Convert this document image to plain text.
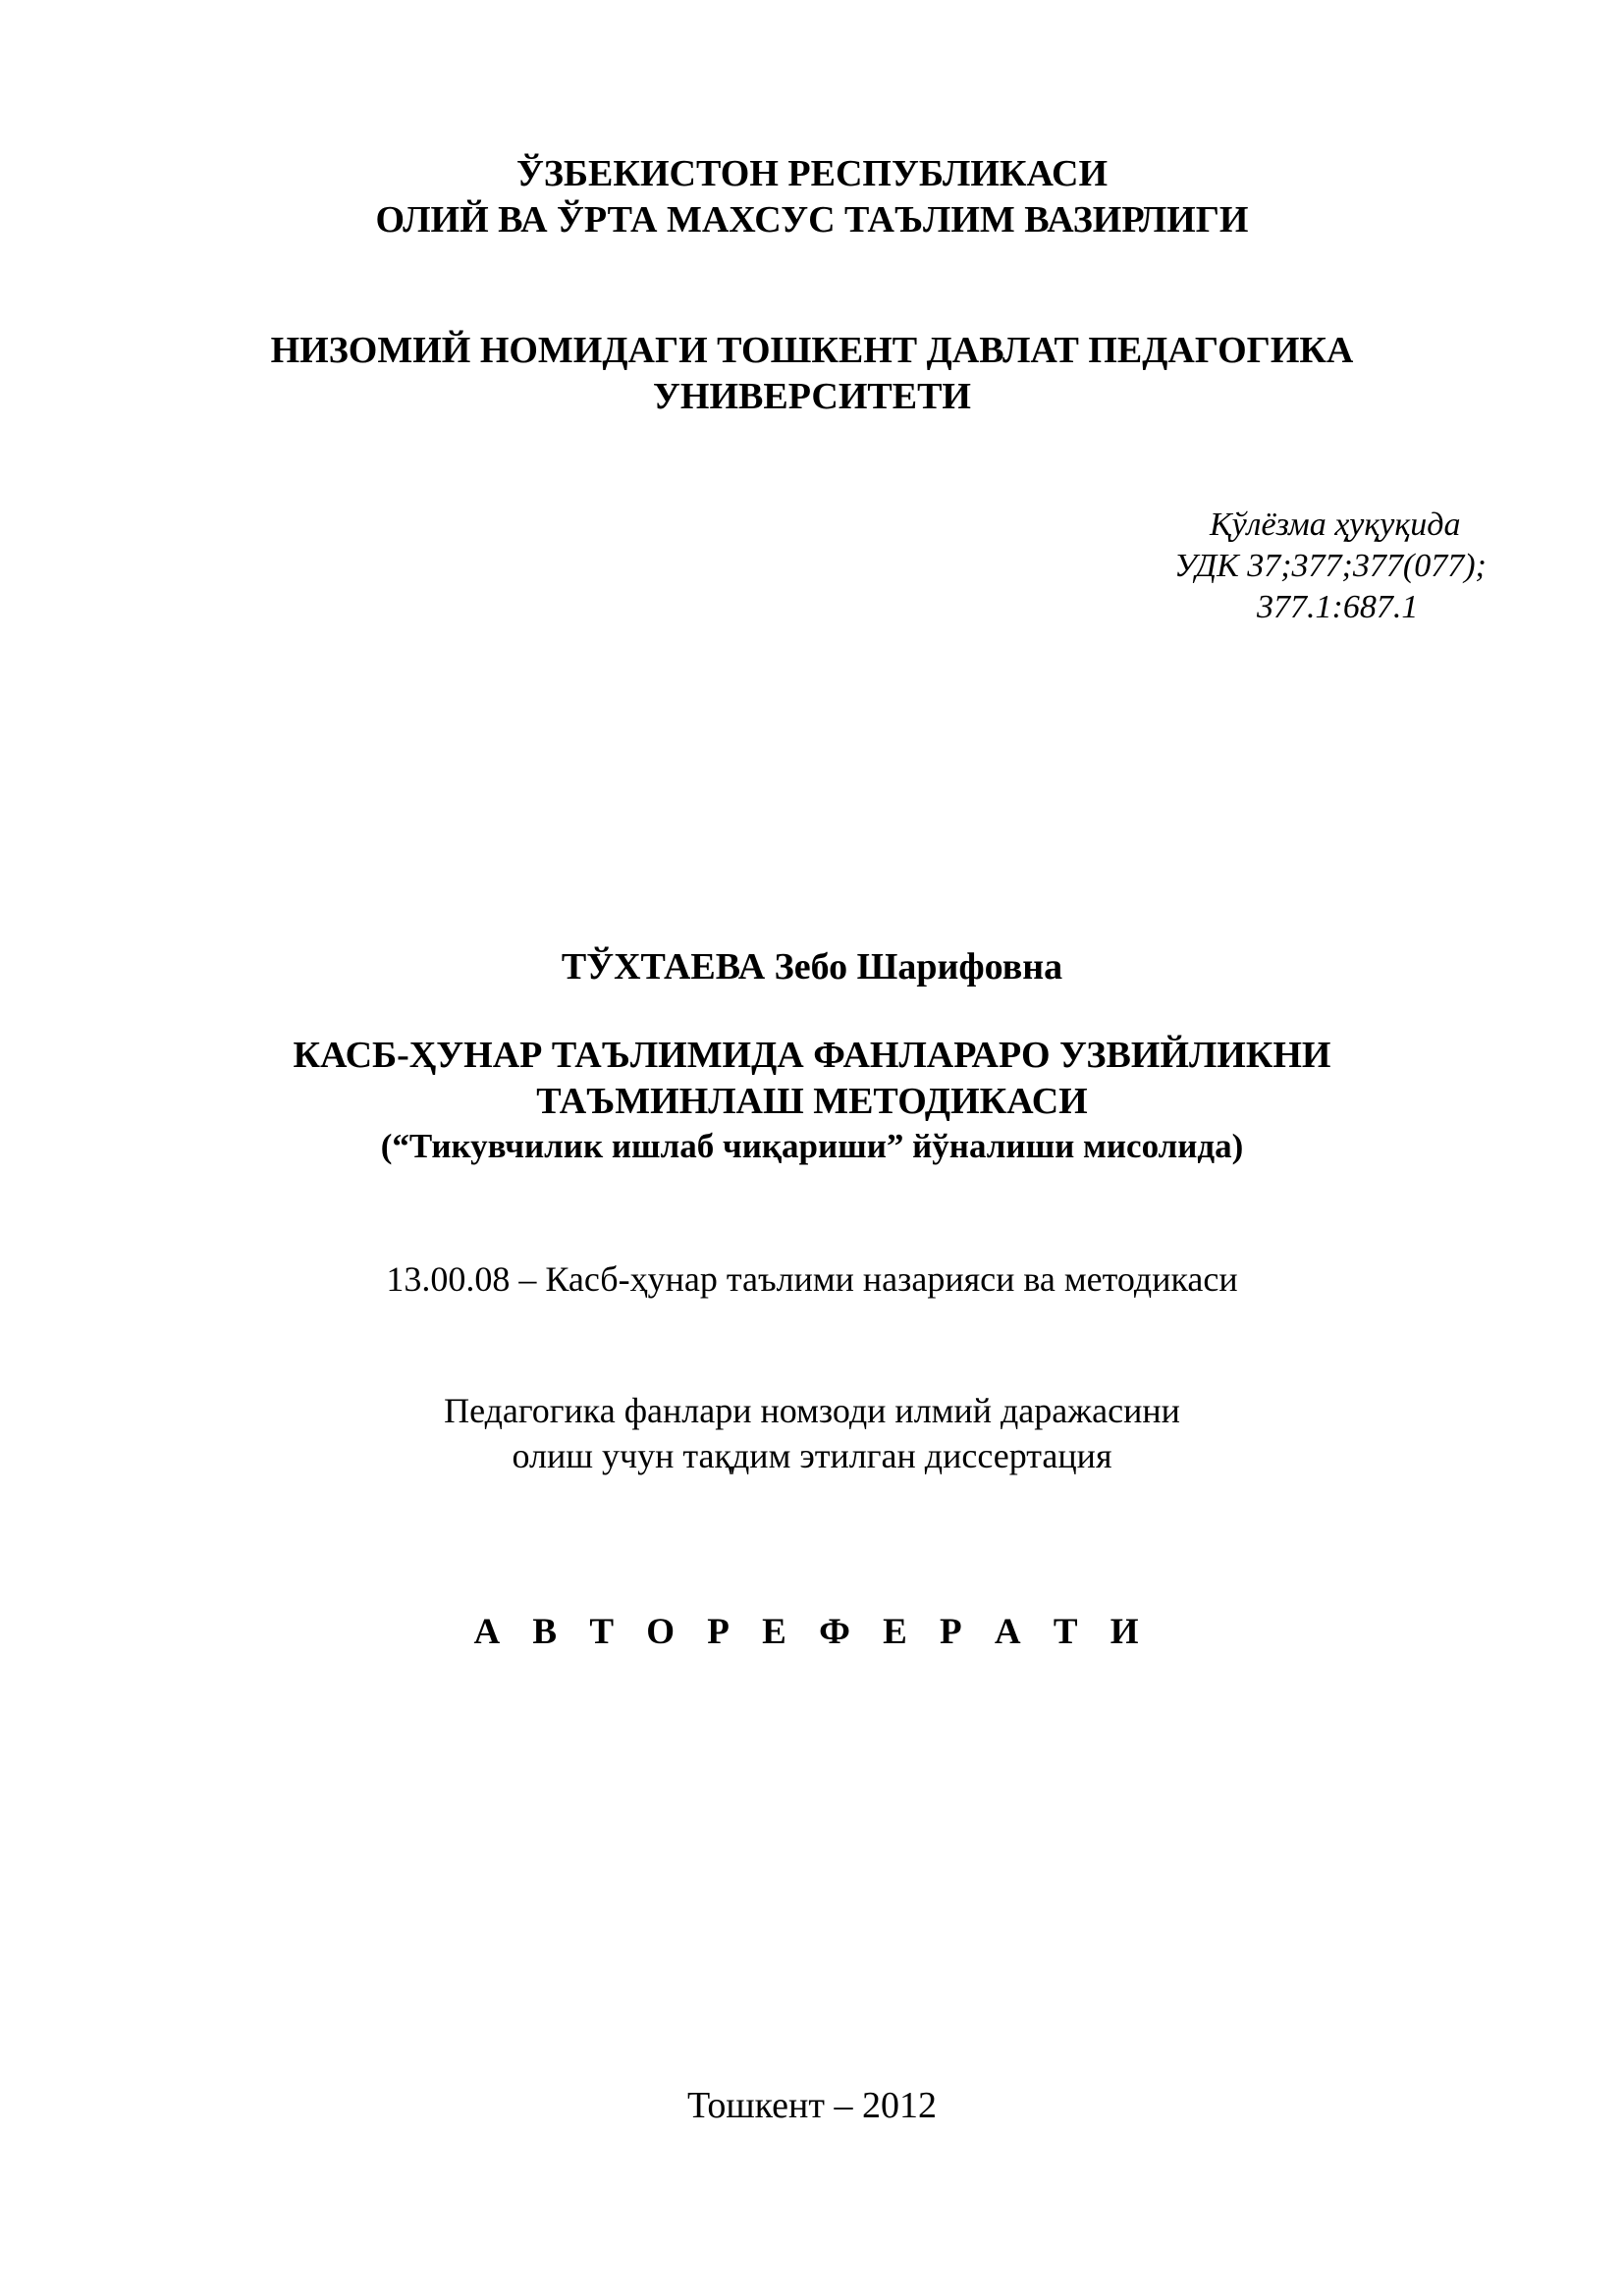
ЎЗБЕКИСТОН РЕСПУБЛИКАСИ
ОЛИЙ ВА ЎРТА МАХСУС ТАЪЛИМ ВАЗИРЛИГИ
НИЗОМИЙ НОМИДАГИ ТОШКЕНТ ДАВЛАТ ПЕДАГОГИКА
УНИВЕРСИТЕТИ
Қўлёзма ҳуқуқида
УДК 37;377;377(077);
377.1:687.1
ТЎХТАЕВА Зебо Шарифовна
КАСБ-ҲУНАР ТАЪЛИМИДА ФАНЛАРАРО УЗВИЙЛИКНИ
ТАЪМИНЛАШ МЕТОДИКАСИ
(“Тикувчилик ишлаб чиқариши” йўналиши мисолида)
13.00.08 – Касб-ҳунар таълими назарияси ва методикаси
Педагогика фанлари номзоди илмий даражасини
олиш учун тақдим этилган диссертация
А В Т О Р Е Ф Е Р А Т И
Тошкент – 2012
